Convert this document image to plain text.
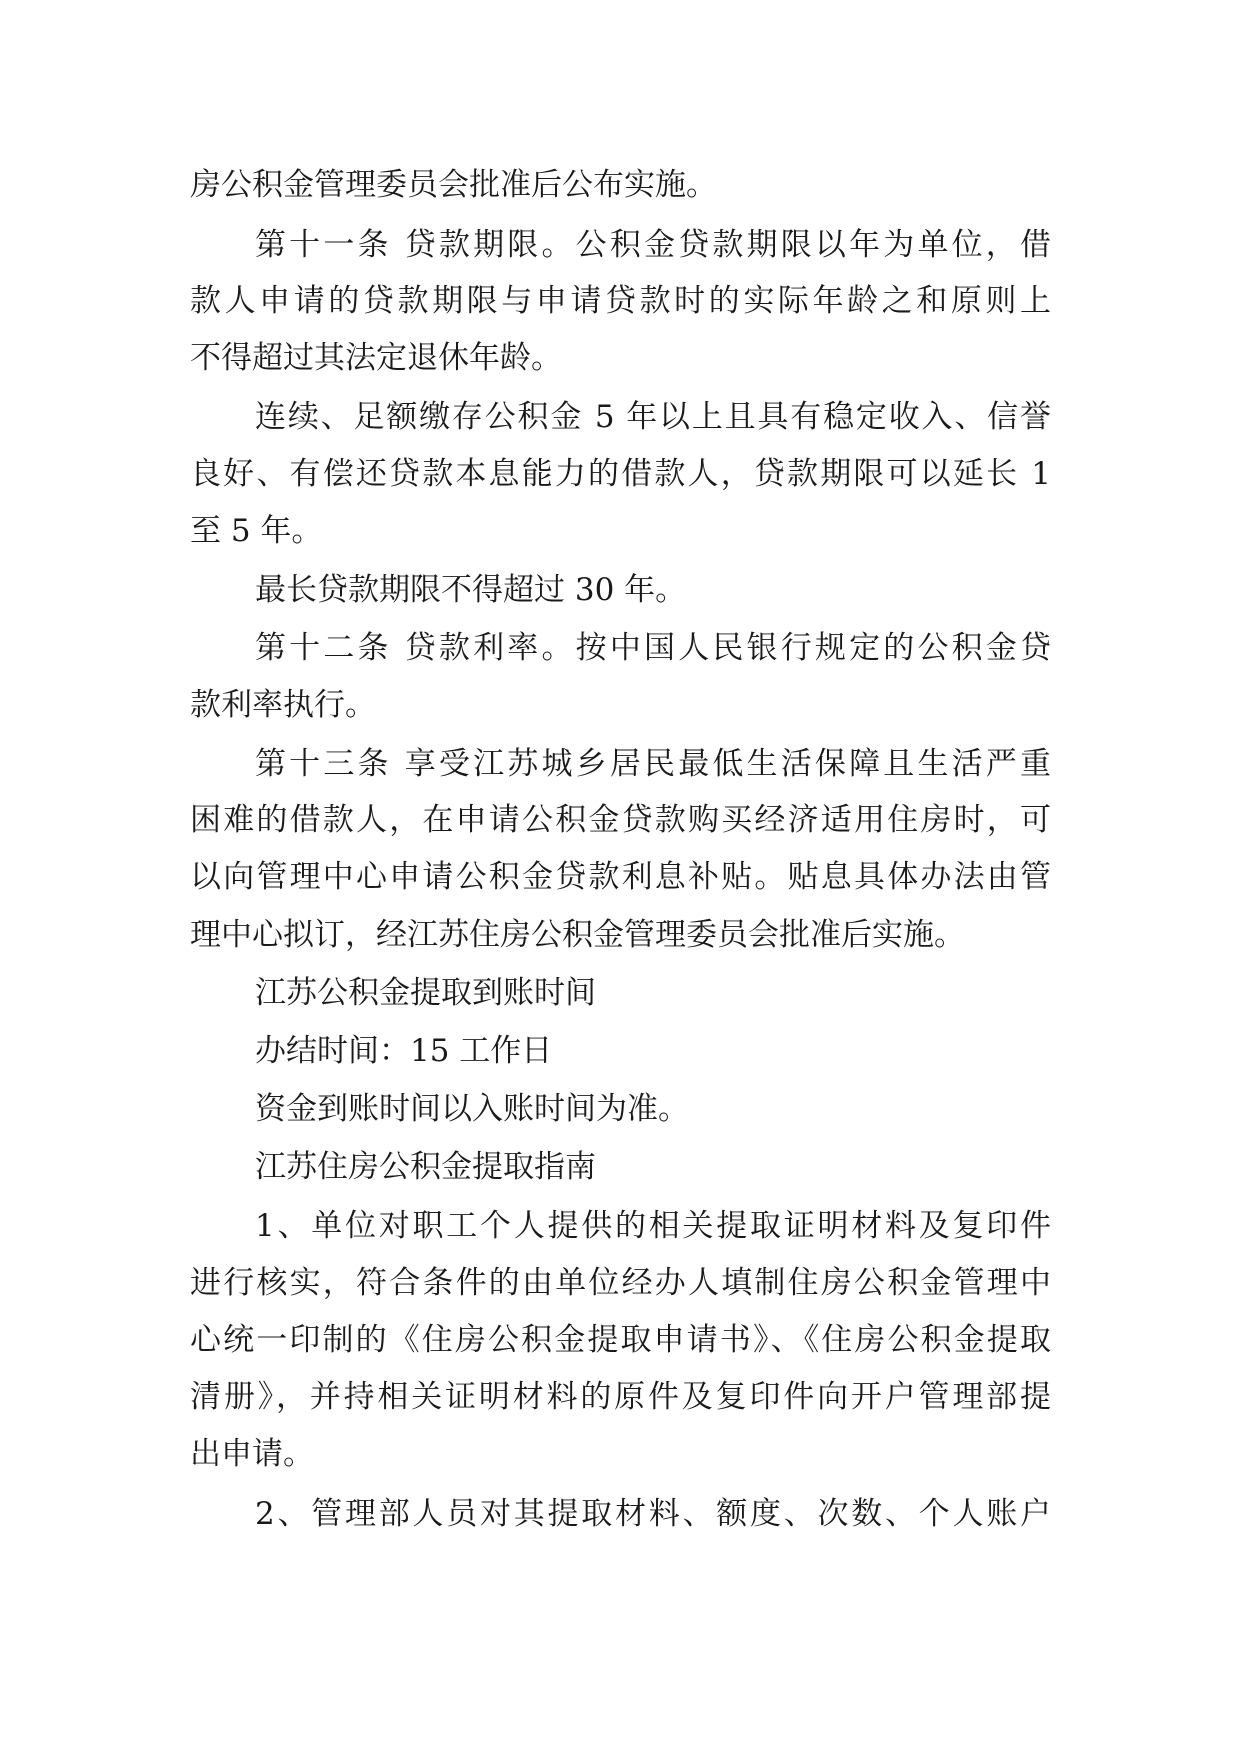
房公积金管理委员会批准后公布实施。
第十一条 贷款期限。公积金贷款期限以年为单位，借
款人申请的贷款期限与申请贷款时的实际年龄之和原则上
不得超过其法定退休年龄。
连续、足额缴存公积金 5 年以上且具有稳定收入、信誉
良好、有偿还贷款本息能力的借款人，贷款期限可以延长 1
至 5 年。
最长贷款期限不得超过 30 年。
第十二条 贷款利率。按中国人民银行规定的公积金贷
款利率执行。
第十三条 享受江苏城乡居民最低生活保障且生活严重
困难的借款人，在申请公积金贷款购买经济适用住房时，可
以向管理中心申请公积金贷款利息补贴。贴息具体办法由管
理中心拟订，经江苏住房公积金管理委员会批准后实施。
江苏公积金提取到账时间
办结时间：15 工作日
资金到账时间以入账时间为准。
江苏住房公积金提取指南
1、单位对职工个人提供的相关提取证明材料及复印件
进行核实，符合条件的由单位经办人填制住房公积金管理中
心统一印制的《住房公积金提取申请书》、《住房公积金提取
清册》，并持相关证明材料的原件及复印件向开户管理部提
出申请。
2、管理部人员对其提取材料、额度、次数、个人账户
